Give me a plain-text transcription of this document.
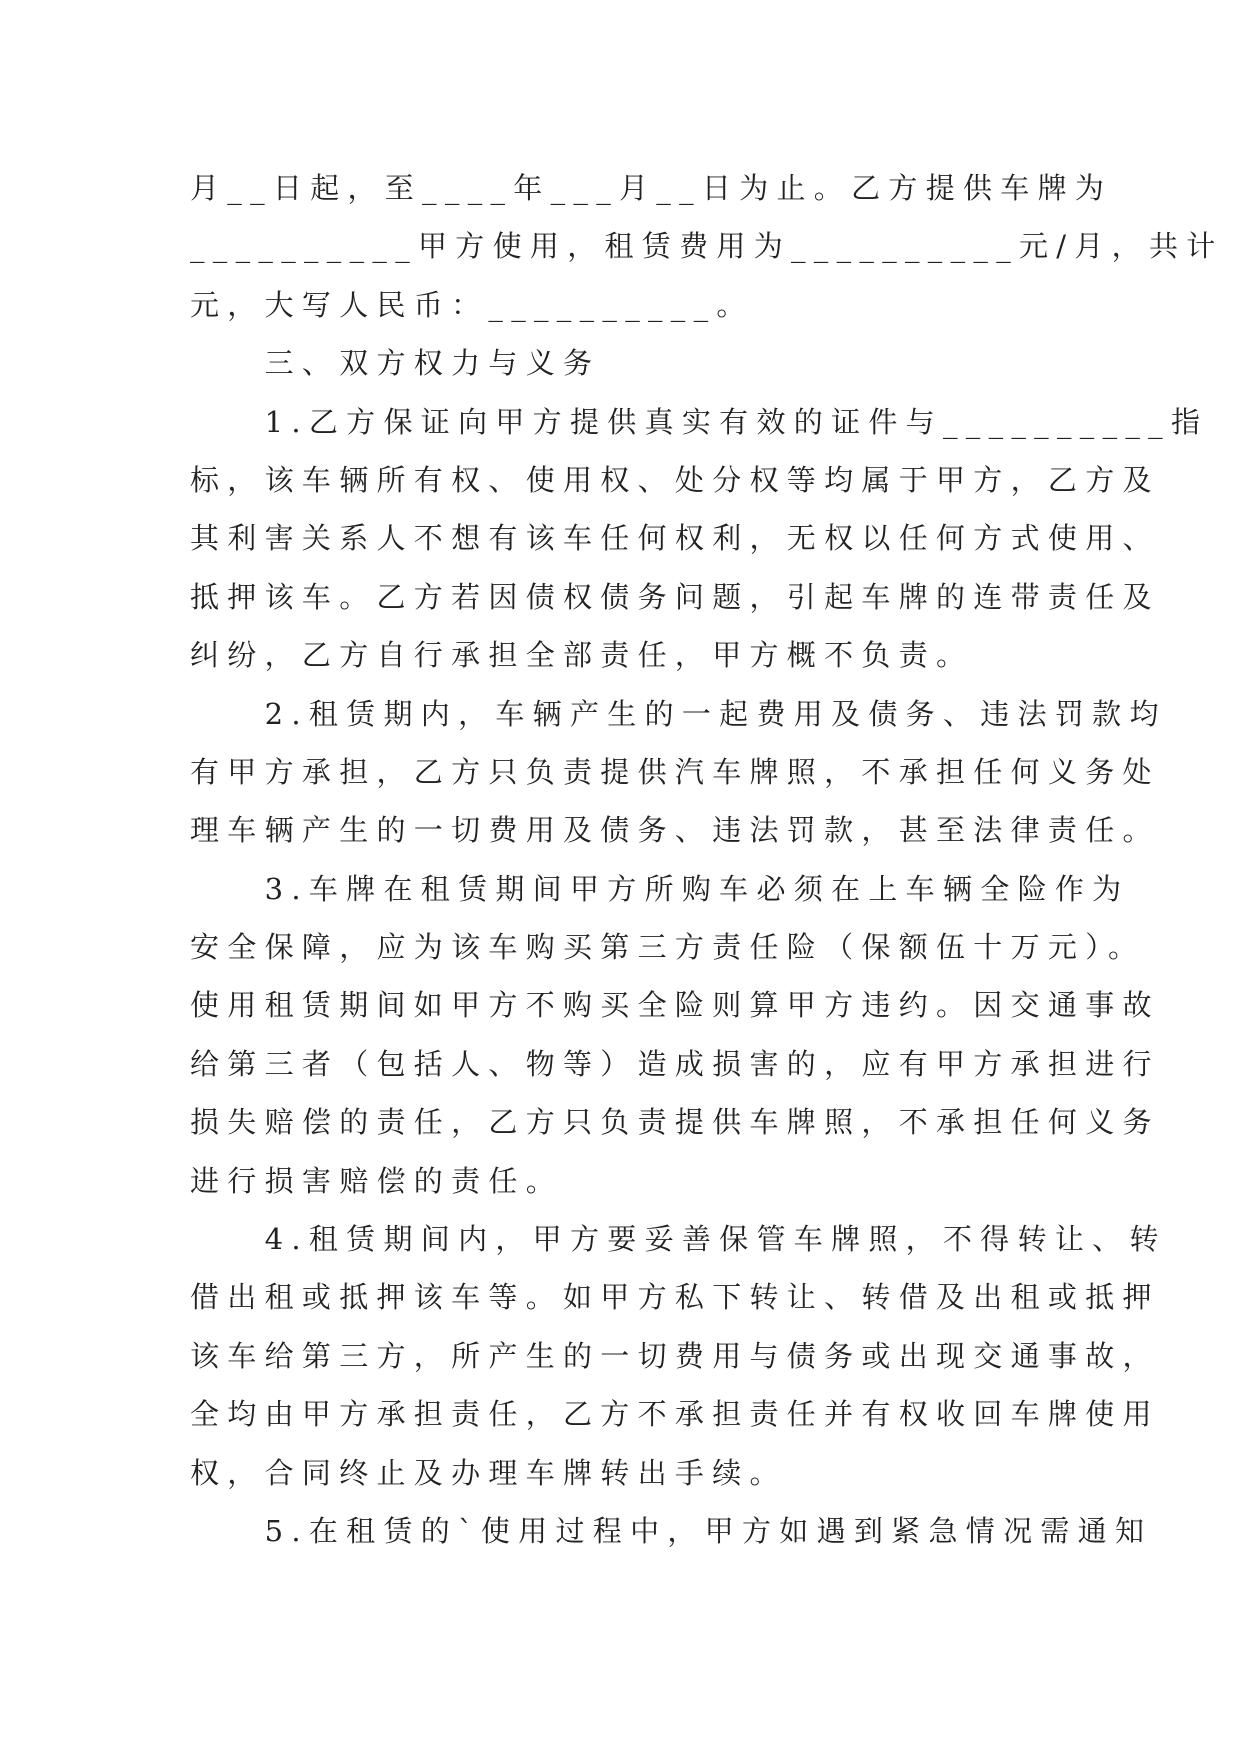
月__日起，至____年___月__日为止。乙方提供车牌为
__________甲方使用，租赁费用为__________元/月，共计
元，大写人民币：__________。
　　三、双方权力与义务
　　1.乙方保证向甲方提供真实有效的证件与__________指
标，该车辆所有权、使用权、处分权等均属于甲方，乙方及
其利害关系人不想有该车任何权利，无权以任何方式使用、
抵押该车。乙方若因债权债务问题，引起车牌的连带责任及
纠纷，乙方自行承担全部责任，甲方概不负责。
　　2.租赁期内，车辆产生的一起费用及债务、违法罚款均
有甲方承担，乙方只负责提供汽车牌照，不承担任何义务处
理车辆产生的一切费用及债务、违法罚款，甚至法律责任。
　　3.车牌在租赁期间甲方所购车必须在上车辆全险作为
安全保障，应为该车购买第三方责任险（保额伍十万元）。
使用租赁期间如甲方不购买全险则算甲方违约。因交通事故
给第三者（包括人、物等）造成损害的，应有甲方承担进行
损失赔偿的责任，乙方只负责提供车牌照，不承担任何义务
进行损害赔偿的责任。
　　4.租赁期间内，甲方要妥善保管车牌照，不得转让、转
借出租或抵押该车等。如甲方私下转让、转借及出租或抵押
该车给第三方，所产生的一切费用与债务或出现交通事故，
全均由甲方承担责任，乙方不承担责任并有权收回车牌使用
权，合同终止及办理车牌转出手续。
　　5.在租赁的`使用过程中，甲方如遇到紧急情况需通知
